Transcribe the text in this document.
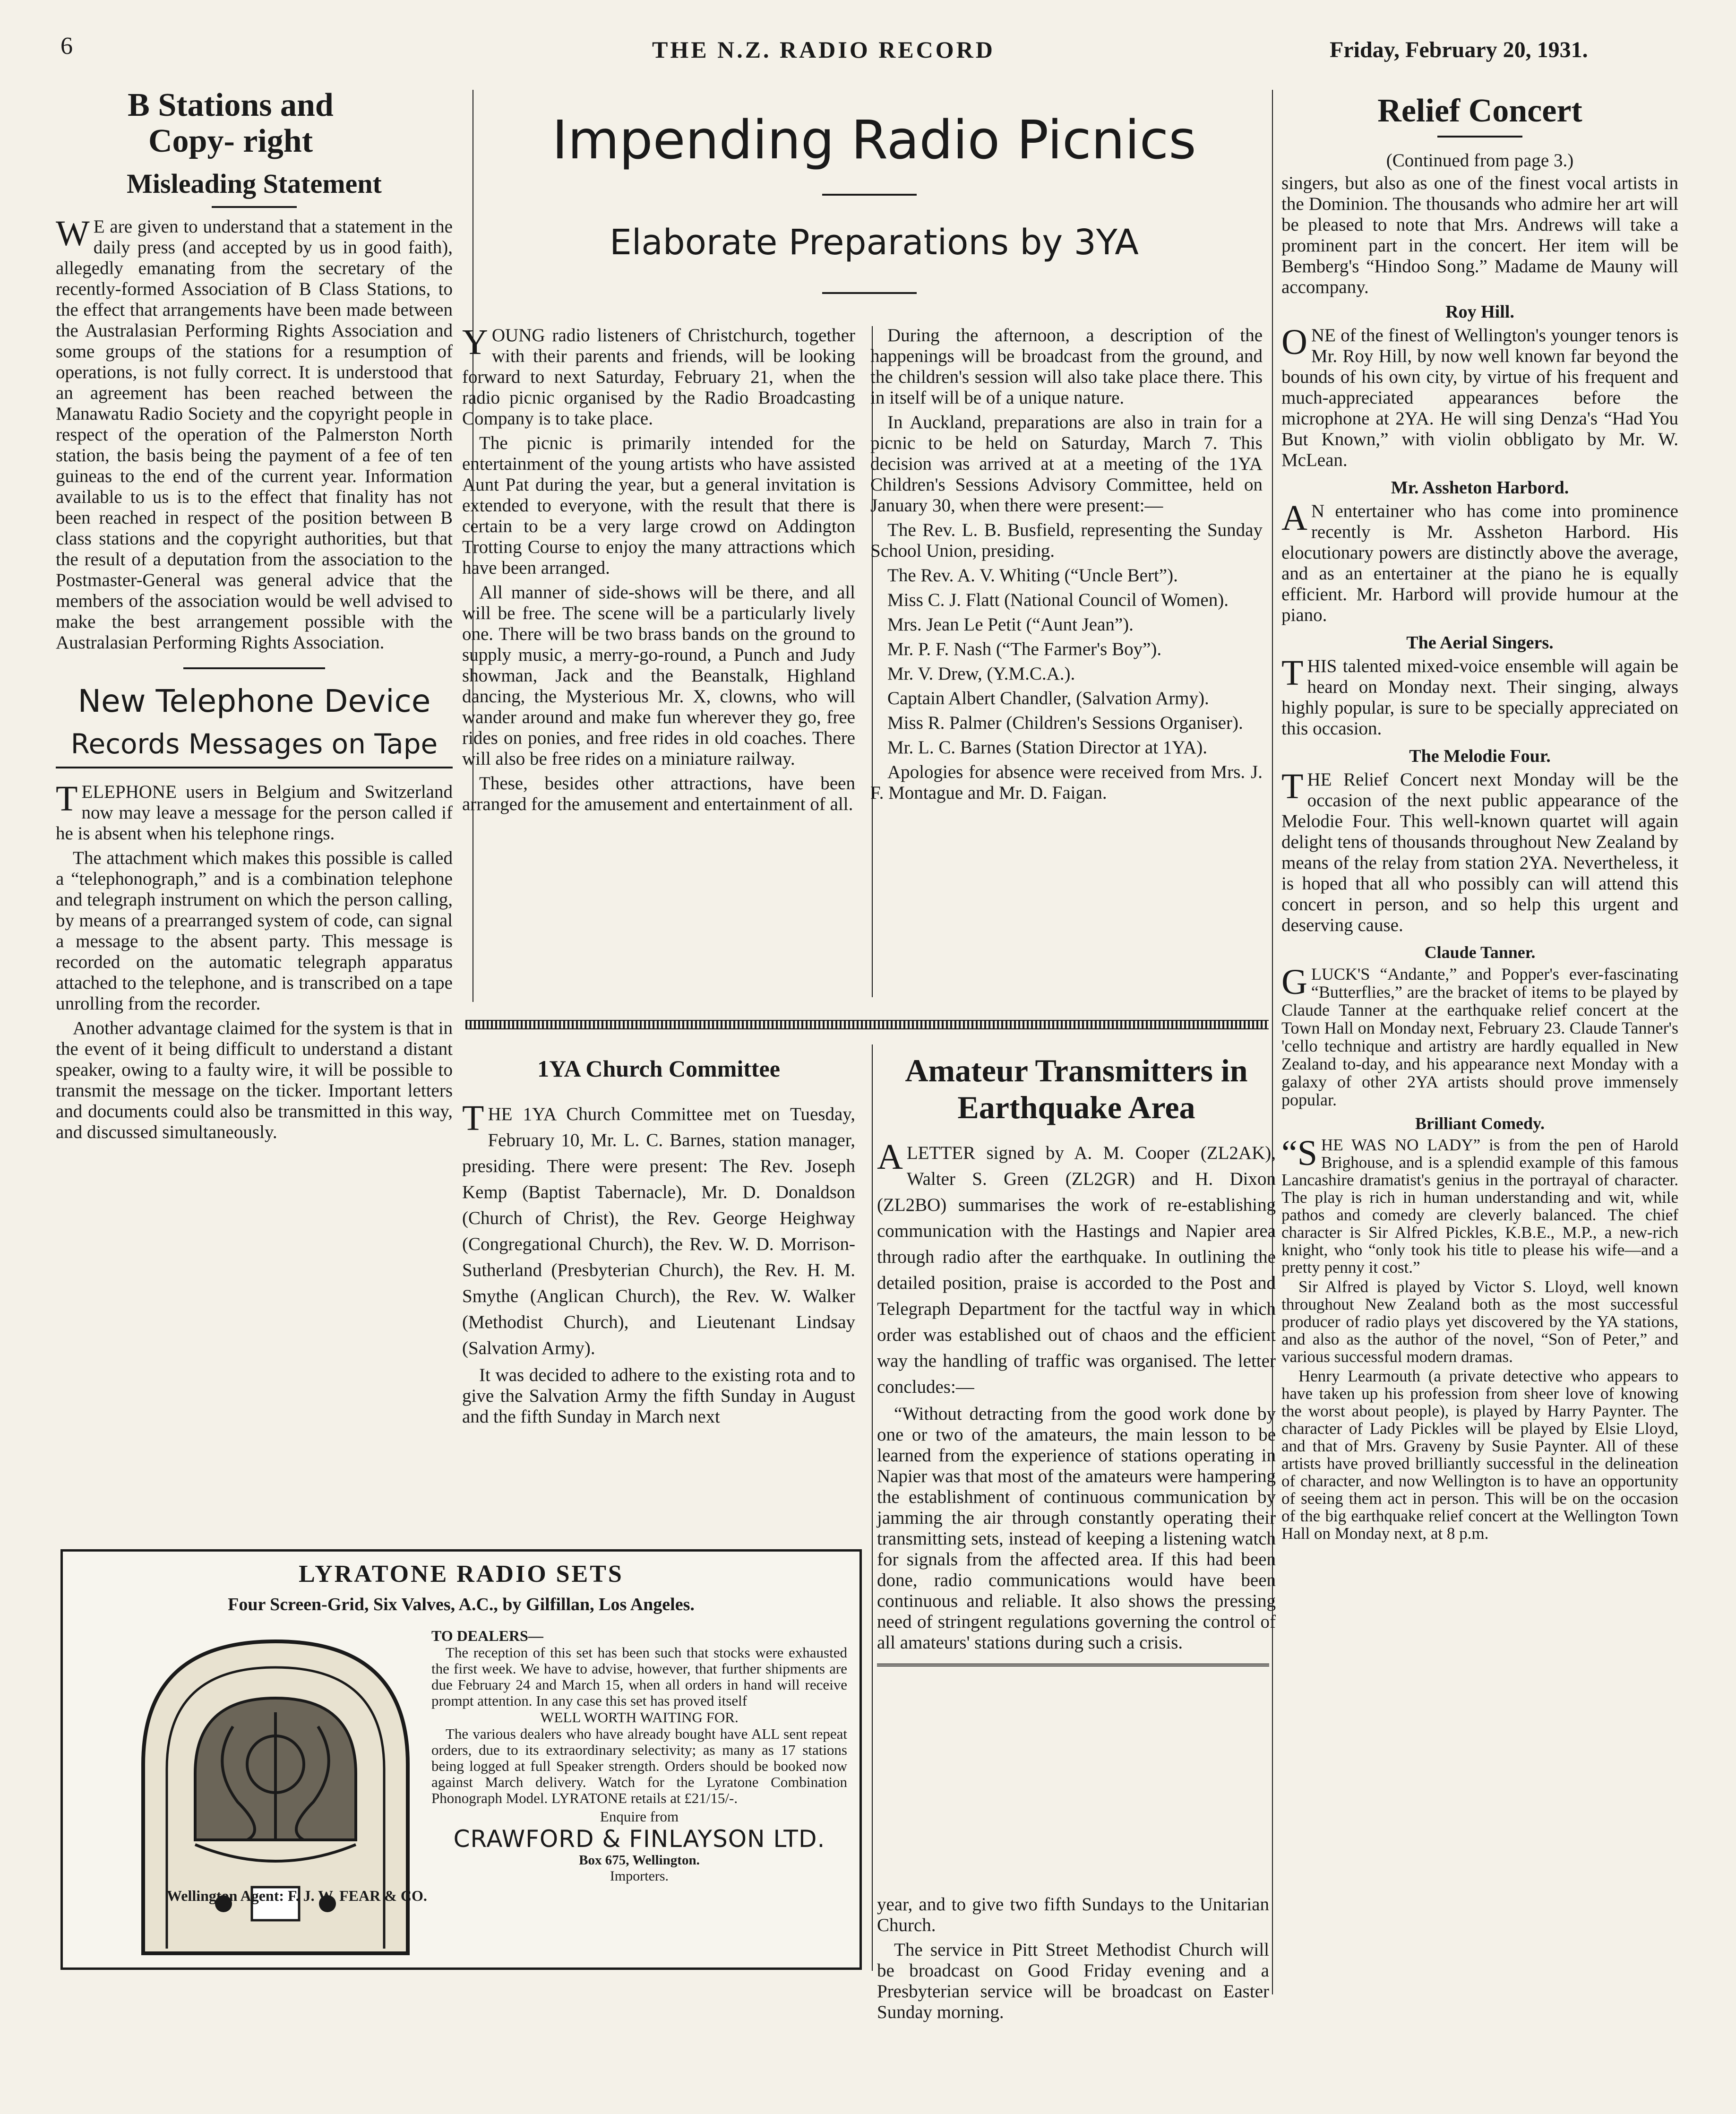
6	THE N.Z. RADIO RECORD	Friday, February 20, 1931.
B Stations and Copy- right
Misleading Statement

W E are given to understand that a statement in the daily press (and accepted by us in good faith), allegedly emanating from the secretary of the recently-formed Association of B Class Stations, to the effect that arrangements have been made between the Australasian Performing Rights Association and some groups of the stations for a resumption of operations, is not fully correct. It is understood that an agreement has been reached between the Manawatu Radio Society and the copyright people in respect of the operation of the Palmerston North station, the basis being the payment of a fee of ten guineas to the end of the current year. Information available to us is to the effect that finality has not been reached in respect of the position between B class stations and the copyright authorities, but that the result of a deputation from the association to the Postmaster-General was general advice that the members of the association would be well advised to make the best arrangement possible with the Australasian Performing Rights Association.

New Telephone Device
Records Messages on Tape

TELEPHONE users in Belgium and Switzerland now may leave a message for the person called if he is absent when his telephone rings.

The attachment which makes this possible is called a “telephonograph,” and is a combination telephone and telegraph instrument on which the person calling, by means of a prearranged system of code, can signal a message to the absent party. This message is recorded on the automatic telegraph apparatus attached to the telephone, and is transcribed on a tape unrolling from the recorder.

Another advantage claimed for the system is that in the event of it being difficult to understand a distant speaker, owing to a faulty wire, it will be possible to transmit the message on the ticker. Important letters and documents could also be transmitted in this way, and discussed simultaneously.

Impending Radio Picnics
Elaborate Preparations by 3YA

YOUNG radio listeners of Christchurch, together with their parents and friends, will be looking forward to next Saturday, February 21, when the radio picnic organised by the Radio Broadcasting Company is to take place.

The picnic is primarily intended for the entertainment of the young artists who have assisted Aunt Pat during the year, but a general invitation is extended to everyone, with the result that there is certain to be a very large crowd on Addington Trotting Course to enjoy the many attractions which have been arranged.

All manner of side-shows will be there, and all will be free. The scene will be a particularly lively one. There will be two brass bands on the ground to supply music, a merry-go-round, a Punch and Judy showman, Jack and the Beanstalk, Highland dancing, the Mysterious Mr. X, clowns, who will wander around and make fun wherever they go, free rides on ponies, and free rides in old coaches. There will also be free rides on a miniature railway.

These, besides other attractions, have been arranged for the amusement and entertainment of all.

During the afternoon, a description of the happenings will be broadcast from the ground, and the children's session will also take place there. This in itself will be of a unique nature.

In Auckland, preparations are also in train for a picnic to be held on Saturday, March 7. This decision was arrived at at a meeting of the 1YA Children's Sessions Advisory Committee, held on January 30, when there were present:—

The Rev. L. B. Busfield, representing the Sunday School Union, presiding.

The Rev. A. V. Whiting (“Uncle Bert”).

Miss C. J. Flatt (National Council of Women).

Mrs. Jean Le Petit (“Aunt Jean”).

Mr. P. F. Nash (“The Farmer's Boy”).

Mr. V. Drew, (Y.M.C.A.).

Captain Albert Chandler, (Salvation Army).

Miss R. Palmer (Children's Sessions Organiser).

Mr. L. C. Barnes (Station Director at 1YA).

Apologies for absence were received from Mrs. J. F. Montague and Mr. D. Faigan.

1YA Church Committee

THE 1YA Church Committee met on Tuesday, February 10, Mr. L. C. Barnes, station manager, presiding. There were present: The Rev. Joseph Kemp (Baptist Tabernacle), Mr. D. Donaldson (Church of Christ), the Rev. George Heighway (Congregational Church), the Rev. W. D. Morrison-Sutherland (Presbyterian Church), the Rev. H. M. Smythe (Anglican Church), the Rev. W. Walker (Methodist Church), and Lieutenant Lindsay (Salvation Army).

It was decided to adhere to the existing rota and to give the Salvation Army the fifth Sunday in August and the fifth Sunday in March next

Amateur Transmitters in Earthquake Area

ALETTER signed by A. M. Cooper (ZL2AK), Walter S. Green (ZL2GR) and H. Dixon (ZL2BO) summarises the work of re-establishing communication with the Hastings and Napier area through radio after the earthquake. In outlining the detailed position, praise is accorded to the Post and Telegraph Department for the tactful way in which order was established out of chaos and the efficient way the handling of traffic was organised. The letter concludes:—

“Without detracting from the good work done by one or two of the amateurs, the main lesson to be learned from the experience of stations operating in Napier was that most of the amateurs were hampering the establishment of continuous communication by jamming the air through constantly operating their transmitting sets, instead of keeping a listening watch for signals from the affected area. If this had been done, radio communications would have been continuous and reliable. It also shows the pressing need of stringent regulations governing the control of all amateurs' stations during such a crisis.

year, and to give two fifth Sundays to the Unitarian Church.

The service in Pitt Street Methodist Church will be broadcast on Good Friday evening and a Presbyterian service will be broadcast on Easter Sunday morning.

LYRATONE RADIO SETS
Four Screen-Grid, Six Valves, A.C., by Gilfillan, Los Angeles.
TO DEALERS—

The reception of this set has been such that stocks were exhausted the first week. We have to advise, however, that further shipments are due February 24 and March 15, when all orders in hand will receive prompt attention. In any case this set has proved itself

WELL WORTH WAITING FOR.

The various dealers who have already bought have ALL sent repeat orders, due to its extraordinary selectivity; as many as 17 stations being logged at full Speaker strength. Orders should be booked now against March delivery. Watch for the Lyratone Combination Phonograph Model. LYRATONE retails at £21/15/-.

Enquire from
CRAWFORD & FINLAYSON LTD.
Box 675, Wellington.
Importers.
Wellington Agent: F. J. W. FEAR & CO.
Relief Concert
(Continued from page 3.)

singers, but also as one of the finest vocal artists in the Dominion. The thousands who admire her art will be pleased to note that Mrs. Andrews will take a prominent part in the concert. Her item will be Bemberg's “Hindoo Song.” Madame de Mauny will accompany.

Roy Hill.

ONE of the finest of Wellington's younger tenors is Mr. Roy Hill, by now well known far beyond the bounds of his own city, by virtue of his frequent and much-appreciated appearances before the microphone at 2YA. He will sing Denza's “Had You But Known,” with violin obbligato by Mr. W. McLean.

Mr. Assheton Harbord.

A N entertainer who has come into prominence recently is Mr. Assheton Harbord. His elocutionary powers are distinctly above the average, and as an entertainer at the piano he is equally efficient. Mr. Harbord will provide humour at the piano.

The Aerial Singers.

THIS talented mixed-voice ensemble will again be heard on Monday next. Their singing, always highly popular, is sure to be specially appreciated on this occasion.

The Melodie Four.

THE Relief Concert next Monday will be the occasion of the next public appearance of the Melodie Four. This well-known quartet will again delight tens of thousands throughout New Zealand by means of the relay from station 2YA. Nevertheless, it is hoped that all who possibly can will attend this concert in person, and so help this urgent and deserving cause.

Claude Tanner.

GLUCK'S “Andante,” and Popper's ever-fascinating “Butterflies,” are the bracket of items to be played by Claude Tanner at the earthquake relief concert at the Town Hall on Monday next, February 23. Claude Tanner's 'cello technique and artistry are hardly equalled in New Zealand to-day, and his appearance next Monday with a galaxy of other 2YA artists should prove immensely popular.

Brilliant Comedy.

“SHE WAS NO LADY” is from the pen of Harold Brighouse, and is a splendid example of this famous Lancashire dramatist's genius in the portrayal of character. The play is rich in human understanding and wit, while pathos and comedy are cleverly balanced. The chief character is Sir Alfred Pickles, K.B.E., M.P., a new-rich knight, who “only took his title to please his wife—and a pretty penny it cost.”

Sir Alfred is played by Victor S. Lloyd, well known throughout New Zealand both as the most successful producer of radio plays yet discovered by the YA stations, and also as the author of the novel, “Son of Peter,” and various successful modern dramas.

Henry Learmouth (a private detective who appears to have taken up his profession from sheer love of knowing the worst about people), is played by Harry Paynter. The character of Lady Pickles will be played by Elsie Lloyd, and that of Mrs. Graveny by Susie Paynter. All of these artists have proved brilliantly successful in the delineation of character, and now Wellington is to have an opportunity of seeing them act in person. This will be on the occasion of the big earthquake relief concert at the Wellington Town Hall on Monday next, at 8 p.m.
